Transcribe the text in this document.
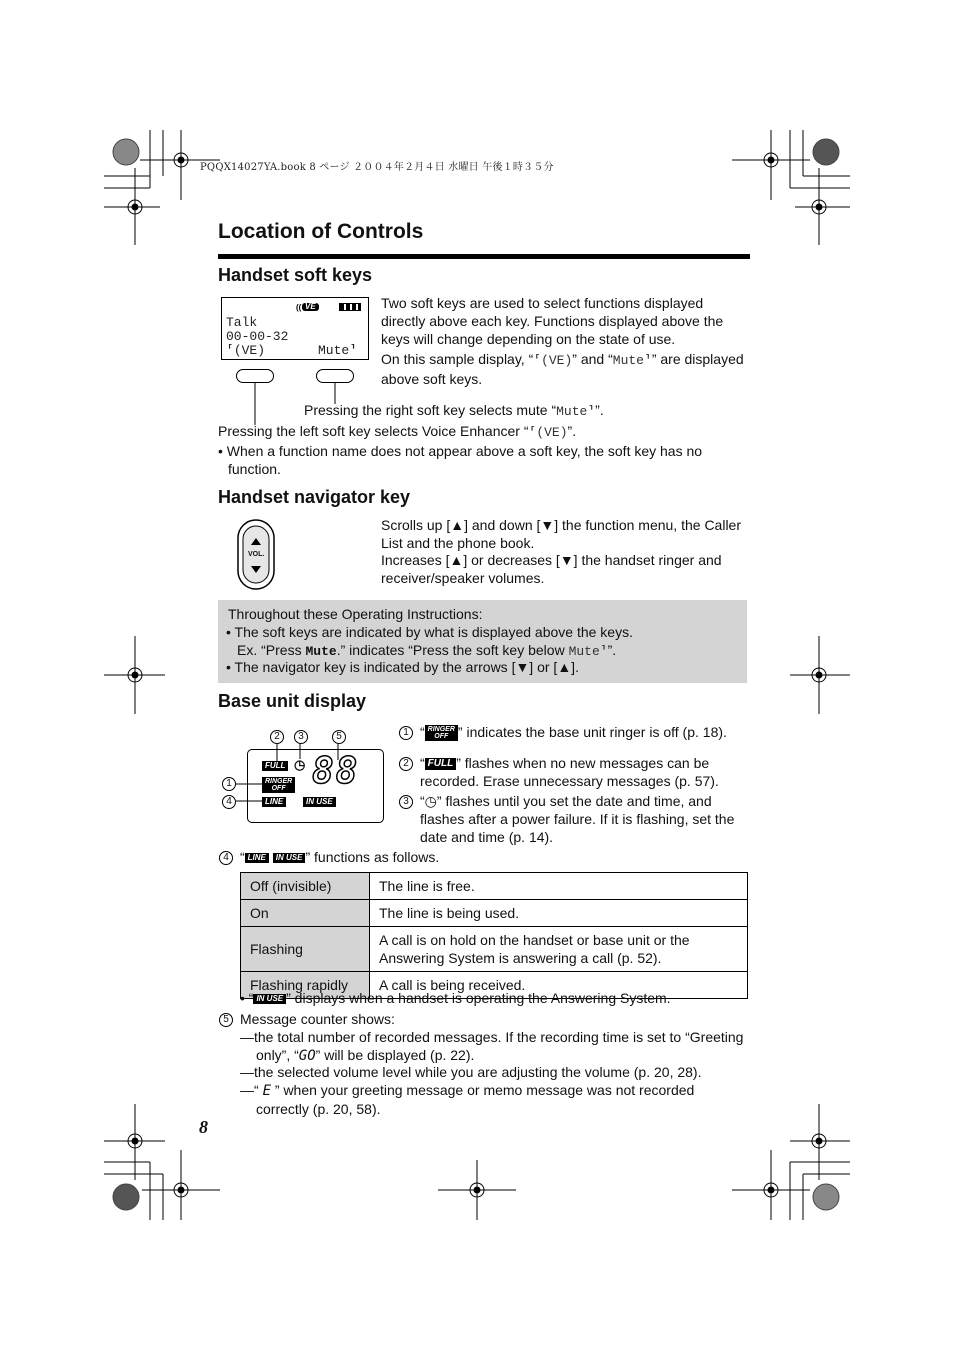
PQQX14027YA.book 8 ページ ２００４年２月４日 水曜日 午後１時３５分
Location of Controls
Handset soft keys
(( VE
Talk
00-00-32
⸢(VE)	Mute⸣
Two soft keys are used to select functions displayed directly above each key. Functions displayed above the keys will change depending on the state of use.
On this sample display, “⸢(VE)” and “Mute⸣” are displayed above soft keys.
Pressing the right soft key selects mute “Mute⸣”.
Pressing the left soft key selects Voice Enhancer “⸢(VE)”.
• When a function name does not appear above a soft key, the soft key has no function.
Handset navigator key
VOL.
Scrolls up [▲] and down [▼] the function menu, the Caller List and the phone book.
Increases [▲] or decreases [▼] the handset ringer and receiver/speaker volumes.
Throughout these Operating Instructions:
• The soft keys are indicated by what is displayed above the keys.
Ex. “Press Mute.” indicates “Press the soft key below Mute⸣”.
• The navigator key is indicated by the arrows [▼] or [▲].
Base unit display
FULL ◷
RINGER
OFF
LINE	IN USE
88
2	3	5
1
4
1 “ RINGER
OFF ” indicates the base unit ringer is off (p. 18).
2 “ FULL ” flashes when no new messages can be recorded. Erase unnecessary messages (p. 57).
3 “◷” flashes until you set the date and time, and flashes after a power failure. If it is flashing, set the date and time (p. 14).
4 “ LINE IN USE ” functions as follows.
Off (invisible)	The line is free.
On	The line is being used.
Flashing	A call is on hold on the handset or base unit or the Answering System is answering a call (p. 52).
Flashing rapidly	A call is being received.
• “ IN USE ” displays when a handset is operating the Answering System.
5 Message counter shows:
—the total number of recorded messages. If the recording time is set to “Greeting only”, “GO” will be displayed (p. 22).
—the selected volume level while you are adjusting the volume (p. 20, 28).
—“ E ” when your greeting message or memo message was not recorded correctly (p. 20, 58).
8
